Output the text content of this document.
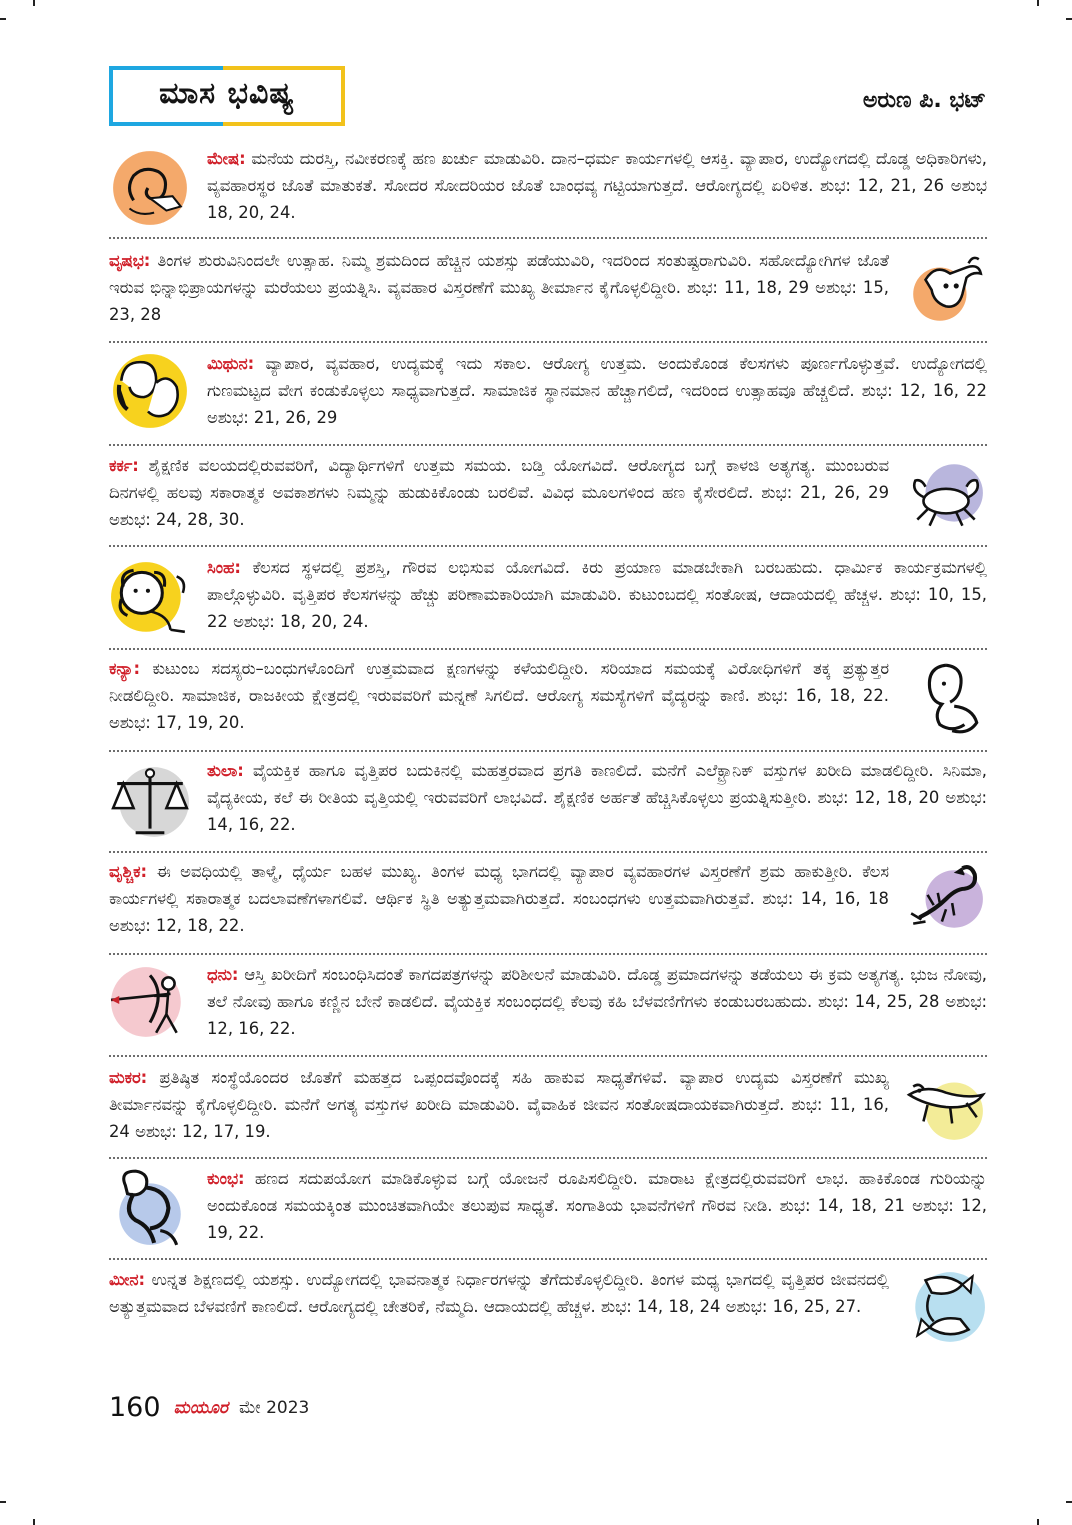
ಮಾಸ ಭವಿಷ್ಯ	ಅರುಣ ಪಿ. ಭಟ್
ಮೇಷ: ಮನೆಯ ದುರಸ್ತಿ, ನವೀಕರಣಕ್ಕೆ ಹಣ ಖರ್ಚು ಮಾಡುವಿರಿ. ದಾನ–ಧರ್ಮ ಕಾರ್ಯಗಳಲ್ಲಿ ಆಸಕ್ತಿ. ವ್ಯಾಪಾರ, ಉದ್ಯೋಗದಲ್ಲಿ ದೊಡ್ಡ ಅಧಿಕಾರಿಗಳು, ವ್ಯವಹಾರಸ್ಥರ ಜೊತೆ ಮಾತುಕತೆ. ಸೋದರ ಸೋದರಿಯರ ಜೊತೆ ಬಾಂಧವ್ಯ ಗಟ್ಟಿಯಾಗುತ್ತದೆ. ಆರೋಗ್ಯದಲ್ಲಿ ಏರಿಳಿತ. ಶುಭ: 12, 21, 26 ಅಶುಭ 18, 20, 24.
ವೃಷಭ: ತಿಂಗಳ ಶುರುವಿನಿಂದಲೇ ಉತ್ಸಾಹ. ನಿಮ್ಮ ಶ್ರಮದಿಂದ ಹೆಚ್ಚಿನ ಯಶಸ್ಸು ಪಡೆಯುವಿರಿ, ಇದರಿಂದ ಸಂತುಷ್ಟರಾಗುವಿರಿ. ಸಹೋದ್ಯೋಗಿಗಳ ಜೊತೆ ಇರುವ ಭಿನ್ನಾಭಿಪ್ರಾಯಗಳನ್ನು ಮರೆಯಲು ಪ್ರಯತ್ನಿಸಿ. ವ್ಯವಹಾರ ವಿಸ್ತರಣೆಗೆ ಮುಖ್ಯ ತೀರ್ಮಾನ ಕೈಗೊಳ್ಳಲಿದ್ದೀರಿ. ಶುಭ: 11, 18, 29 ಅಶುಭ: 15, 23, 28
ಮಿಥುನ: ವ್ಯಾಪಾರ, ವ್ಯವಹಾರ, ಉದ್ಯಮಕ್ಕೆ ಇದು ಸಕಾಲ. ಆರೋಗ್ಯ ಉತ್ತಮ. ಅಂದುಕೊಂಡ ಕೆಲಸಗಳು ಪೂರ್ಣಗೊಳ್ಳುತ್ತವೆ. ಉದ್ಯೋಗದಲ್ಲಿ ಗುಣಮಟ್ಟದ ವೇಗ ಕಂಡುಕೊಳ್ಳಲು ಸಾಧ್ಯವಾಗುತ್ತದೆ. ಸಾಮಾಜಿಕ ಸ್ಥಾನಮಾನ ಹೆಚ್ಚಾಗಲಿದೆ, ಇದರಿಂದ ಉತ್ಸಾಹವೂ ಹೆಚ್ಚಲಿದೆ. ಶುಭ: 12, 16, 22 ಅಶುಭ: 21, 26, 29
ಕರ್ಕ: ಶೈಕ್ಷಣಿಕ ವಲಯದಲ್ಲಿರುವವರಿಗೆ, ವಿದ್ಯಾರ್ಥಿಗಳಿಗೆ ಉತ್ತಮ ಸಮಯ. ಬಡ್ತಿ ಯೋಗವಿದೆ. ಆರೋಗ್ಯದ ಬಗ್ಗೆ ಕಾಳಜಿ ಅತ್ಯಗತ್ಯ. ಮುಂಬರುವ ದಿನಗಳಲ್ಲಿ ಹಲವು ಸಕಾರಾತ್ಮಕ ಅವಕಾಶಗಳು ನಿಮ್ಮನ್ನು ಹುಡುಕಿಕೊಂಡು ಬರಲಿವೆ. ವಿವಿಧ ಮೂಲಗಳಿಂದ ಹಣ ಕೈಸೇರಲಿದೆ. ಶುಭ: 21, 26, 29 ಅಶುಭ: 24, 28, 30.
ಸಿಂಹ: ಕೆಲಸದ ಸ್ಥಳದಲ್ಲಿ ಪ್ರಶಸ್ತಿ, ಗೌರವ ಲಭಿಸುವ ಯೋಗವಿದೆ. ಕಿರು ಪ್ರಯಾಣ ಮಾಡಬೇಕಾಗಿ ಬರಬಹುದು. ಧಾರ್ಮಿಕ ಕಾರ್ಯಕ್ರಮಗಳಲ್ಲಿ ಪಾಲ್ಗೊಳ್ಳುವಿರಿ. ವೃತ್ತಿಪರ ಕೆಲಸಗಳನ್ನು ಹೆಚ್ಚು ಪರಿಣಾಮಕಾರಿಯಾಗಿ ಮಾಡುವಿರಿ. ಕುಟುಂಬದಲ್ಲಿ ಸಂತೋಷ, ಆದಾಯದಲ್ಲಿ ಹೆಚ್ಚಳ. ಶುಭ: 10, 15, 22 ಅಶುಭ: 18, 20, 24.
ಕನ್ಯಾ: ಕುಟುಂಬ ಸದಸ್ಯರು–ಬಂಧುಗಳೊಂದಿಗೆ ಉತ್ತಮವಾದ ಕ್ಷಣಗಳನ್ನು ಕಳೆಯಲಿದ್ದೀರಿ. ಸರಿಯಾದ ಸಮಯಕ್ಕೆ ವಿರೋಧಿಗಳಿಗೆ ತಕ್ಕ ಪ್ರತ್ಯುತ್ತರ ನೀಡಲಿದ್ದೀರಿ. ಸಾಮಾಜಿಕ, ರಾಜಕೀಯ ಕ್ಷೇತ್ರದಲ್ಲಿ ಇರುವವರಿಗೆ ಮನ್ನಣೆ ಸಿಗಲಿದೆ. ಆರೋಗ್ಯ ಸಮಸ್ಯೆಗಳಿಗೆ ವೈದ್ಯರನ್ನು ಕಾಣಿ. ಶುಭ: 16, 18, 22. ಅಶುಭ: 17, 19, 20.
ತುಲಾ: ವೈಯಕ್ತಿಕ ಹಾಗೂ ವೃತ್ತಿಪರ ಬದುಕಿನಲ್ಲಿ ಮಹತ್ತರವಾದ ಪ್ರಗತಿ ಕಾಣಲಿದೆ. ಮನೆಗೆ ಎಲೆಕ್ಟ್ರಾನಿಕ್ ವಸ್ತುಗಳ ಖರೀದಿ ಮಾಡಲಿದ್ದೀರಿ. ಸಿನಿಮಾ, ವೈದ್ಯಕೀಯ, ಕಲೆ ಈ ರೀತಿಯ ವೃತ್ತಿಯಲ್ಲಿ ಇರುವವರಿಗೆ ಲಾಭವಿದೆ. ಶೈಕ್ಷಣಿಕ ಅರ್ಹತೆ ಹೆಚ್ಚಿಸಿಕೊಳ್ಳಲು ಪ್ರಯತ್ನಿಸುತ್ತೀರಿ. ಶುಭ: 12, 18, 20 ಅಶುಭ: 14, 16, 22.
ವೃಶ್ಚಿಕ: ಈ ಅವಧಿಯಲ್ಲಿ ತಾಳ್ಮೆ, ಧೈರ್ಯ ಬಹಳ ಮುಖ್ಯ. ತಿಂಗಳ ಮಧ್ಯ ಭಾಗದಲ್ಲಿ ವ್ಯಾಪಾರ ವ್ಯವಹಾರಗಳ ವಿಸ್ತರಣೆಗೆ ಶ್ರಮ ಹಾಕುತ್ತೀರಿ. ಕೆಲಸ ಕಾರ್ಯಗಳಲ್ಲಿ ಸಕಾರಾತ್ಮಕ ಬದಲಾವಣೆಗಳಾಗಲಿವೆ. ಆರ್ಥಿಕ ಸ್ಥಿತಿ ಅತ್ಯುತ್ತಮವಾಗಿರುತ್ತದೆ. ಸಂಬಂಧಗಳು ಉತ್ತಮವಾಗಿರುತ್ತವೆ. ಶುಭ: 14, 16, 18 ಅಶುಭ: 12, 18, 22.
ಧನು: ಆಸ್ತಿ ಖರೀದಿಗೆ ಸಂಬಂಧಿಸಿದಂತೆ ಕಾಗದಪತ್ರಗಳನ್ನು ಪರಿಶೀಲನೆ ಮಾಡುವಿರಿ. ದೊಡ್ಡ ಪ್ರಮಾದಗಳನ್ನು ತಡೆಯಲು ಈ ಕ್ರಮ ಅತ್ಯಗತ್ಯ. ಭುಜ ನೋವು, ತಲೆ ನೋವು ಹಾಗೂ ಕಣ್ಣಿನ ಬೇನೆ ಕಾಡಲಿದೆ. ವೈಯಕ್ತಿಕ ಸಂಬಂಧದಲ್ಲಿ ಕೆಲವು ಕಹಿ ಬೆಳವಣಿಗೆಗಳು ಕಂಡುಬರಬಹುದು. ಶುಭ: 14, 25, 28 ಅಶುಭ: 12, 16, 22.
ಮಕರ: ಪ್ರತಿಷ್ಠಿತ ಸಂಸ್ಥೆಯೊಂದರ ಜೊತೆಗೆ ಮಹತ್ತದ ಒಪ್ಪಂದವೊಂದಕ್ಕೆ ಸಹಿ ಹಾಕುವ ಸಾಧ್ಯತೆಗಳಿವೆ. ವ್ಯಾಪಾರ ಉದ್ಯಮ ವಿಸ್ತರಣೆಗೆ ಮುಖ್ಯ ತೀರ್ಮಾನವನ್ನು ಕೈಗೊಳ್ಳಲಿದ್ದೀರಿ. ಮನೆಗೆ ಅಗತ್ಯ ವಸ್ತುಗಳ ಖರೀದಿ ಮಾಡುವಿರಿ. ವೈವಾಹಿಕ ಜೀವನ ಸಂತೋಷದಾಯಕವಾಗಿರುತ್ತದೆ. ಶುಭ: 11, 16, 24 ಅಶುಭ: 12, 17, 19.
ಕುಂಭ: ಹಣದ ಸದುಪಯೋಗ ಮಾಡಿಕೊಳ್ಳುವ ಬಗ್ಗೆ ಯೋಜನೆ ರೂಪಿಸಲಿದ್ದೀರಿ. ಮಾರಾಟ ಕ್ಷೇತ್ರದಲ್ಲಿರುವವರಿಗೆ ಲಾಭ. ಹಾಕಿಕೊಂಡ ಗುರಿಯನ್ನು ಅಂದುಕೊಂಡ ಸಮಯಕ್ಕಿಂತ ಮುಂಚಿತವಾಗಿಯೇ ತಲುಪುವ ಸಾಧ್ಯತೆ. ಸಂಗಾತಿಯ ಭಾವನೆಗಳಿಗೆ ಗೌರವ ನೀಡಿ. ಶುಭ: 14, 18, 21 ಅಶುಭ: 12, 19, 22.
ಮೀನ: ಉನ್ನತ ಶಿಕ್ಷಣದಲ್ಲಿ ಯಶಸ್ಸು. ಉದ್ಯೋಗದಲ್ಲಿ ಭಾವನಾತ್ಮಕ ನಿರ್ಧಾರಗಳನ್ನು ತೆಗೆದುಕೊಳ್ಳಲಿದ್ದೀರಿ. ತಿಂಗಳ ಮಧ್ಯ ಭಾಗದಲ್ಲಿ ವೃತ್ತಿಪರ ಜೀವನದಲ್ಲಿ ಅತ್ಯುತ್ತಮವಾದ ಬೆಳವಣಿಗೆ ಕಾಣಲಿದೆ. ಆರೋಗ್ಯದಲ್ಲಿ ಚೇತರಿಕೆ, ನೆಮ್ಮದಿ. ಆದಾಯದಲ್ಲಿ ಹೆಚ್ಚಳ. ಶುಭ: 14, 18, 24 ಅಶುಭ: 16, 25, 27.
160 ಮಯೂರ ಮೇ 2023
